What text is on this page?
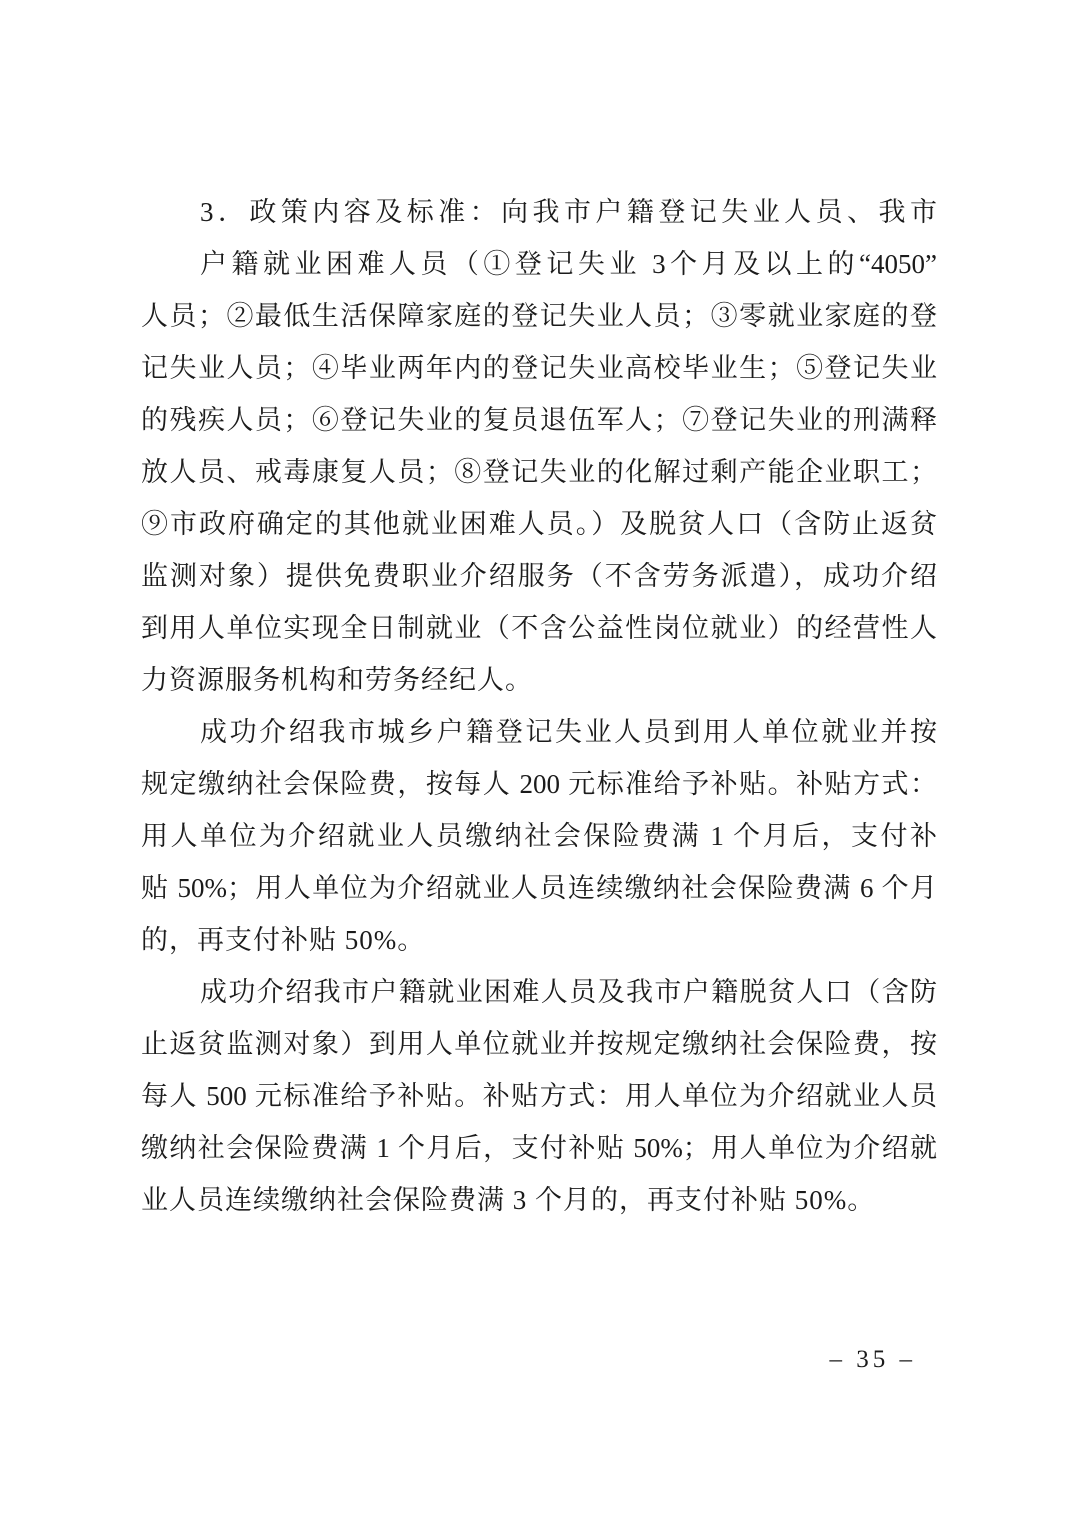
3．政策内容及标准：向我市户籍登记失业人员、我市
户籍就业困难人员（①登记失业 3个月及以上的“4050”
人员；②最低生活保障家庭的登记失业人员；③零就业家庭的登
记失业人员；④毕业两年内的登记失业高校毕业生；⑤登记失业
的残疾人员；⑥登记失业的复员退伍军人；⑦登记失业的刑满释
放人员、戒毒康复人员；⑧登记失业的化解过剩产能企业职工；
⑨市政府确定的其他就业困难人员。）及脱贫人口（含防止返贫
监测对象）提供免费职业介绍服务（不含劳务派遣），成功介绍
到用人单位实现全日制就业（不含公益性岗位就业）的经营性人
力资源服务机构和劳务经纪人。
成功介绍我市城乡户籍登记失业人员到用人单位就业并按
规定缴纳社会保险费，按每人 200 元标准给予补贴。补贴方式：
用人单位为介绍就业人员缴纳社会保险费满 1 个月后，支付补
贴 50%；用人单位为介绍就业人员连续缴纳社会保险费满 6 个月
的，再支付补贴 50%。
成功介绍我市户籍就业困难人员及我市户籍脱贫人口（含防
止返贫监测对象）到用人单位就业并按规定缴纳社会保险费，按
每人 500 元标准给予补贴。补贴方式：用人单位为介绍就业人员
缴纳社会保险费满 1 个月后，支付补贴 50%；用人单位为介绍就
业人员连续缴纳社会保险费满 3 个月的，再支付补贴 50%。
– 35 –
